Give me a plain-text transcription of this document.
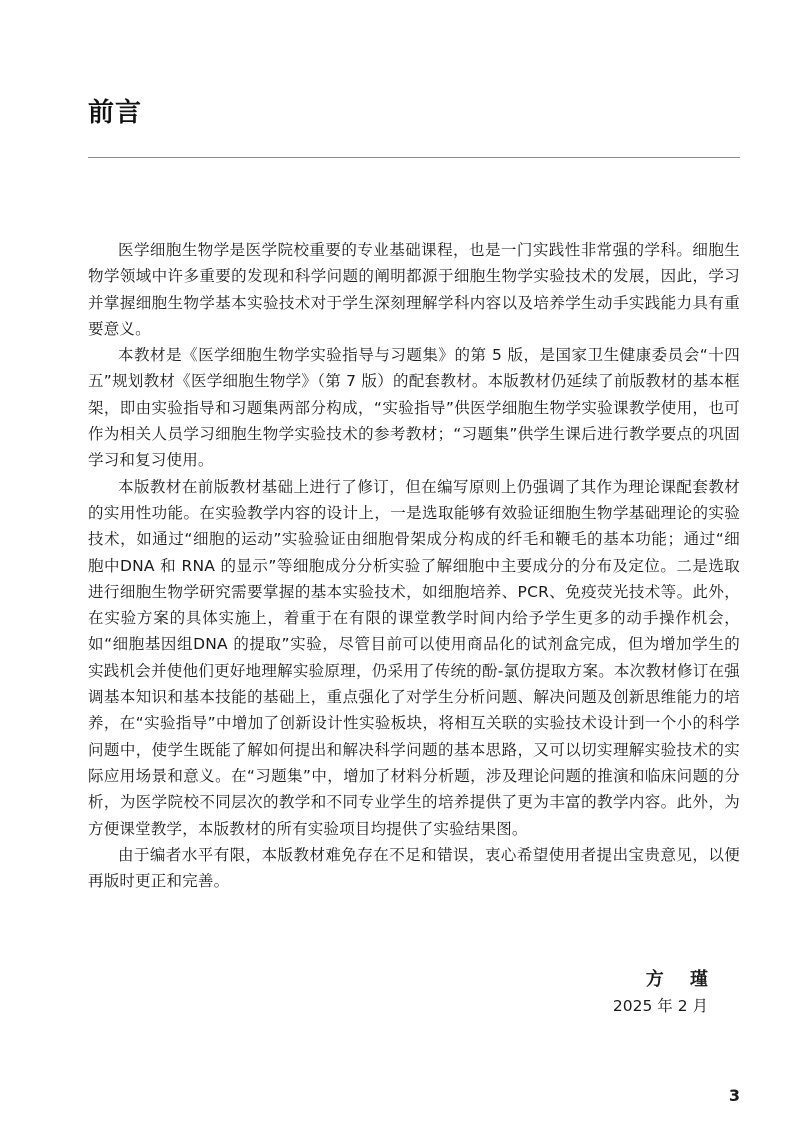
前言

医学细胞生物学是医学院校重要的专业基础课程，也是一门实践性非常强的学科。细胞生物学领域中许多重要的发现和科学问题的阐明都源于细胞生物学实验技术的发展，因此，学习并掌握细胞生物学基本实验技术对于学生深刻理解学科内容以及培养学生动手实践能力具有重要意义。

本教材是《医学细胞生物学实验指导与习题集》的第 5 版，是国家卫生健康委员会“十四五”规划教材《医学细胞生物学》（第 7 版）的配套教材。本版教材仍延续了前版教材的基本框架，即由实验指导和习题集两部分构成，“实验指导”供医学细胞生物学实验课教学使用，也可作为相关人员学习细胞生物学实验技术的参考教材；“习题集”供学生课后进行教学要点的巩固学习和复习使用。

本版教材在前版教材基础上进行了修订，但在编写原则上仍强调了其作为理论课配套教材的实用性功能。在实验教学内容的设计上，一是选取能够有效验证细胞生物学基础理论的实验技术，如通过“细胞的运动”实验验证由细胞骨架成分构成的纤毛和鞭毛的基本功能；通过“细胞中DNA 和 RNA 的显示”等细胞成分分析实验了解细胞中主要成分的分布及定位。二是选取进行细胞生物学研究需要掌握的基本实验技术，如细胞培养、PCR、免疫荧光技术等。此外，在实验方案的具体实施上，着重于在有限的课堂教学时间内给予学生更多的动手操作机会，如“细胞基因组DNA 的提取”实验，尽管目前可以使用商品化的试剂盒完成，但为增加学生的实践机会并使他们更好地理解实验原理，仍采用了传统的酚-氯仿提取方案。本次教材修订在强调基本知识和基本技能的基础上，重点强化了对学生分析问题、解决问题及创新思维能力的培养，在“实验指导”中增加了创新设计性实验板块，将相互关联的实验技术设计到一个小的科学问题中，使学生既能了解如何提出和解决科学问题的基本思路，又可以切实理解实验技术的实际应用场景和意义。在“习题集”中，增加了材料分析题，涉及理论问题的推演和临床问题的分析，为医学院校不同层次的教学和不同专业学生的培养提供了更为丰富的教学内容。此外，为方便课堂教学，本版教材的所有实验项目均提供了实验结果图。

由于编者水平有限，本版教材难免存在不足和错误，衷心希望使用者提出宝贵意见，以便再版时更正和完善。

方 瑾
2025 年 2 月
3
